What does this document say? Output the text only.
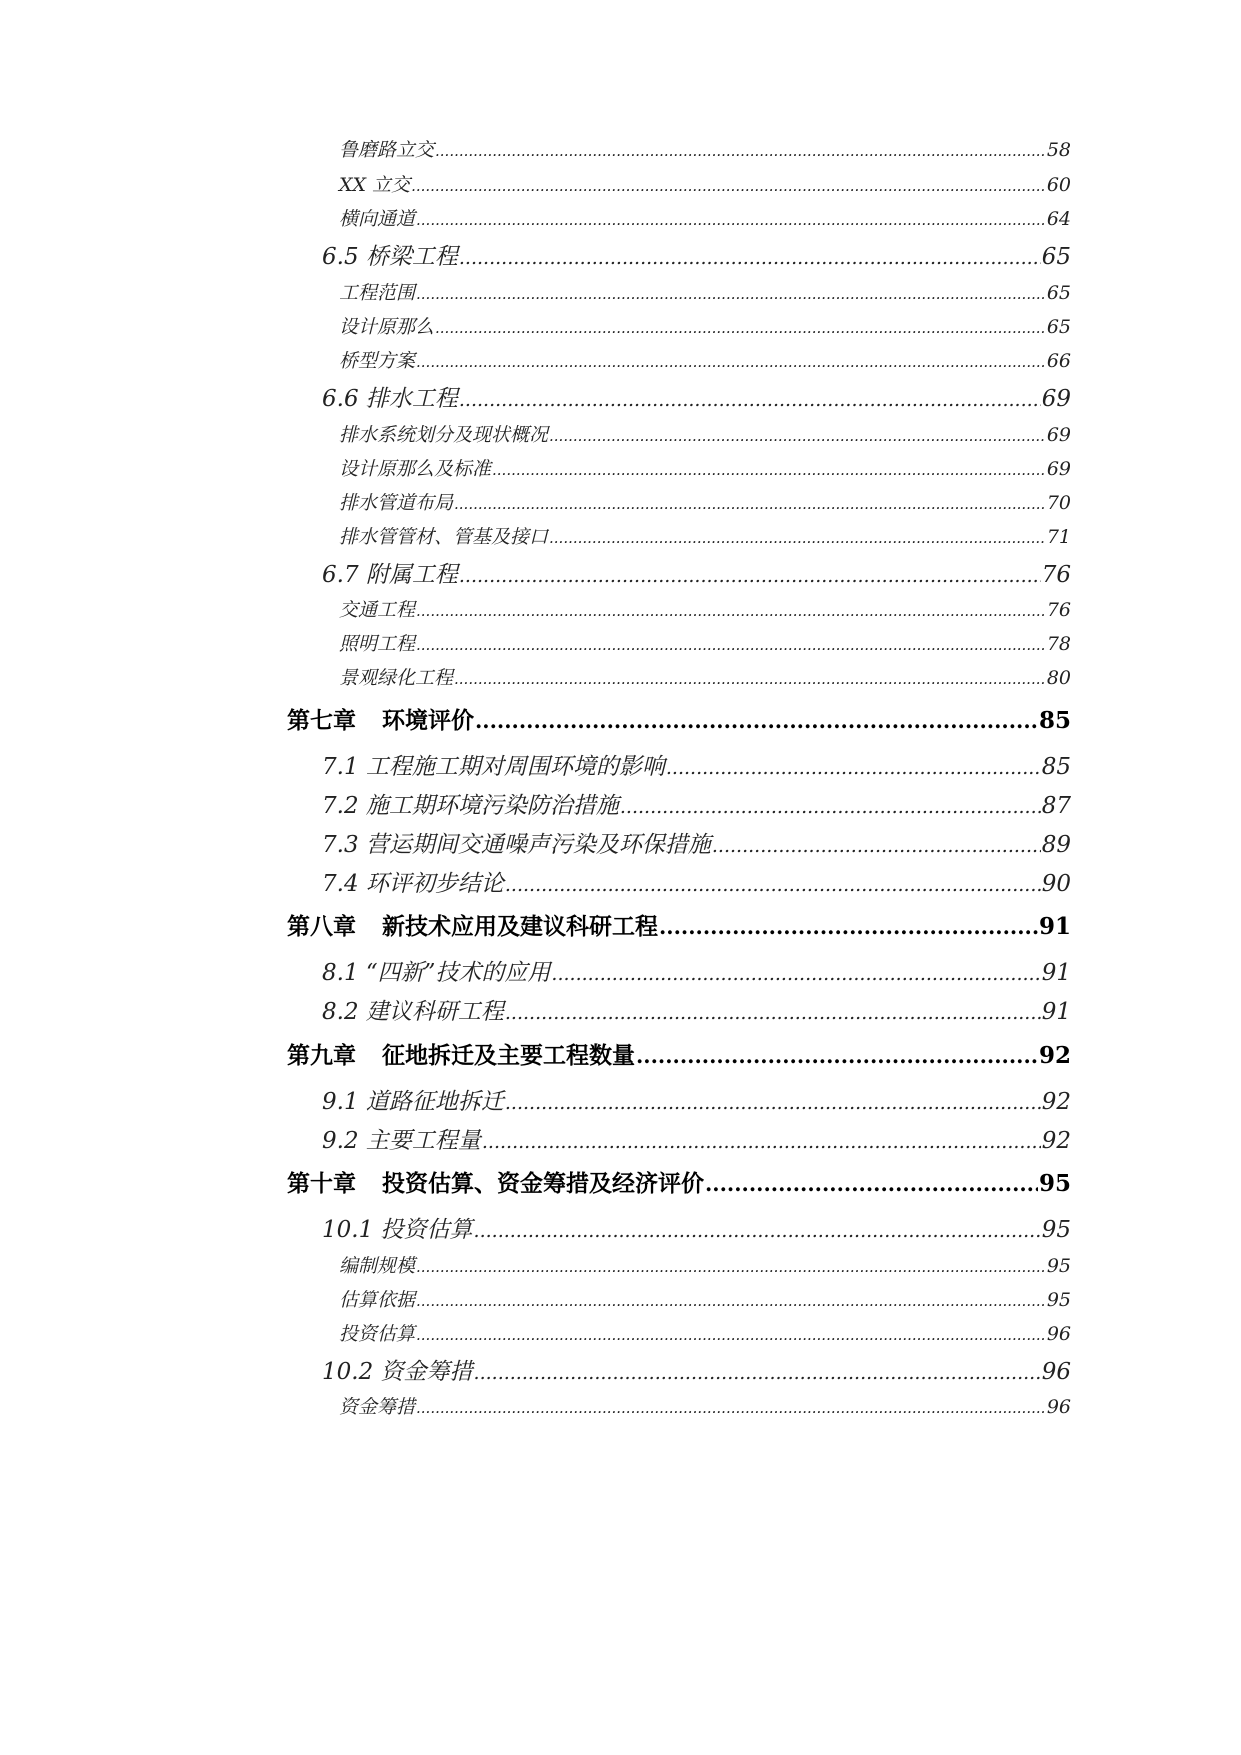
鲁磨路立交 .....	58
XX 立交 .....	60
横向通道 .....	64
6.5 桥梁工程 .....	65
工程范围 .....	65
设计原那么 .....	65
桥型方案 .....	66
6.6 排水工程 .....	69
排水系统划分及现状概况 .....	69
设计原那么及标准 .....	69
排水管道布局 .....	70
排水管管材、管基及接口 .....	71
6.7 附属工程 .....	76
交通工程 .....	76
照明工程 .....	78
景观绿化工程 .....	80
第七章 环境评价 .....	85
7.1 工程施工期对周围环境的影响 .....	85
7.2 施工期环境污染防治措施 .....	87
7.3 营运期间交通噪声污染及环保措施 .....	89
7.4 环评初步结论 .....	90
第八章 新技术应用及建议科研工程 .....	91
8.1 “四新”技术的应用 .....	91
8.2 建议科研工程 .....	91
第九章 征地拆迁及主要工程数量 .....	92
9.1 道路征地拆迁 .....	92
9.2 主要工程量 .....	92
第十章 投资估算、资金筹措及经济评价 .....	95
10.1 投资估算 .....	95
编制规模 .....	95
估算依据 .....	95
投资估算 .....	96
10.2 资金筹措 .....	96
资金筹措 .....	96
